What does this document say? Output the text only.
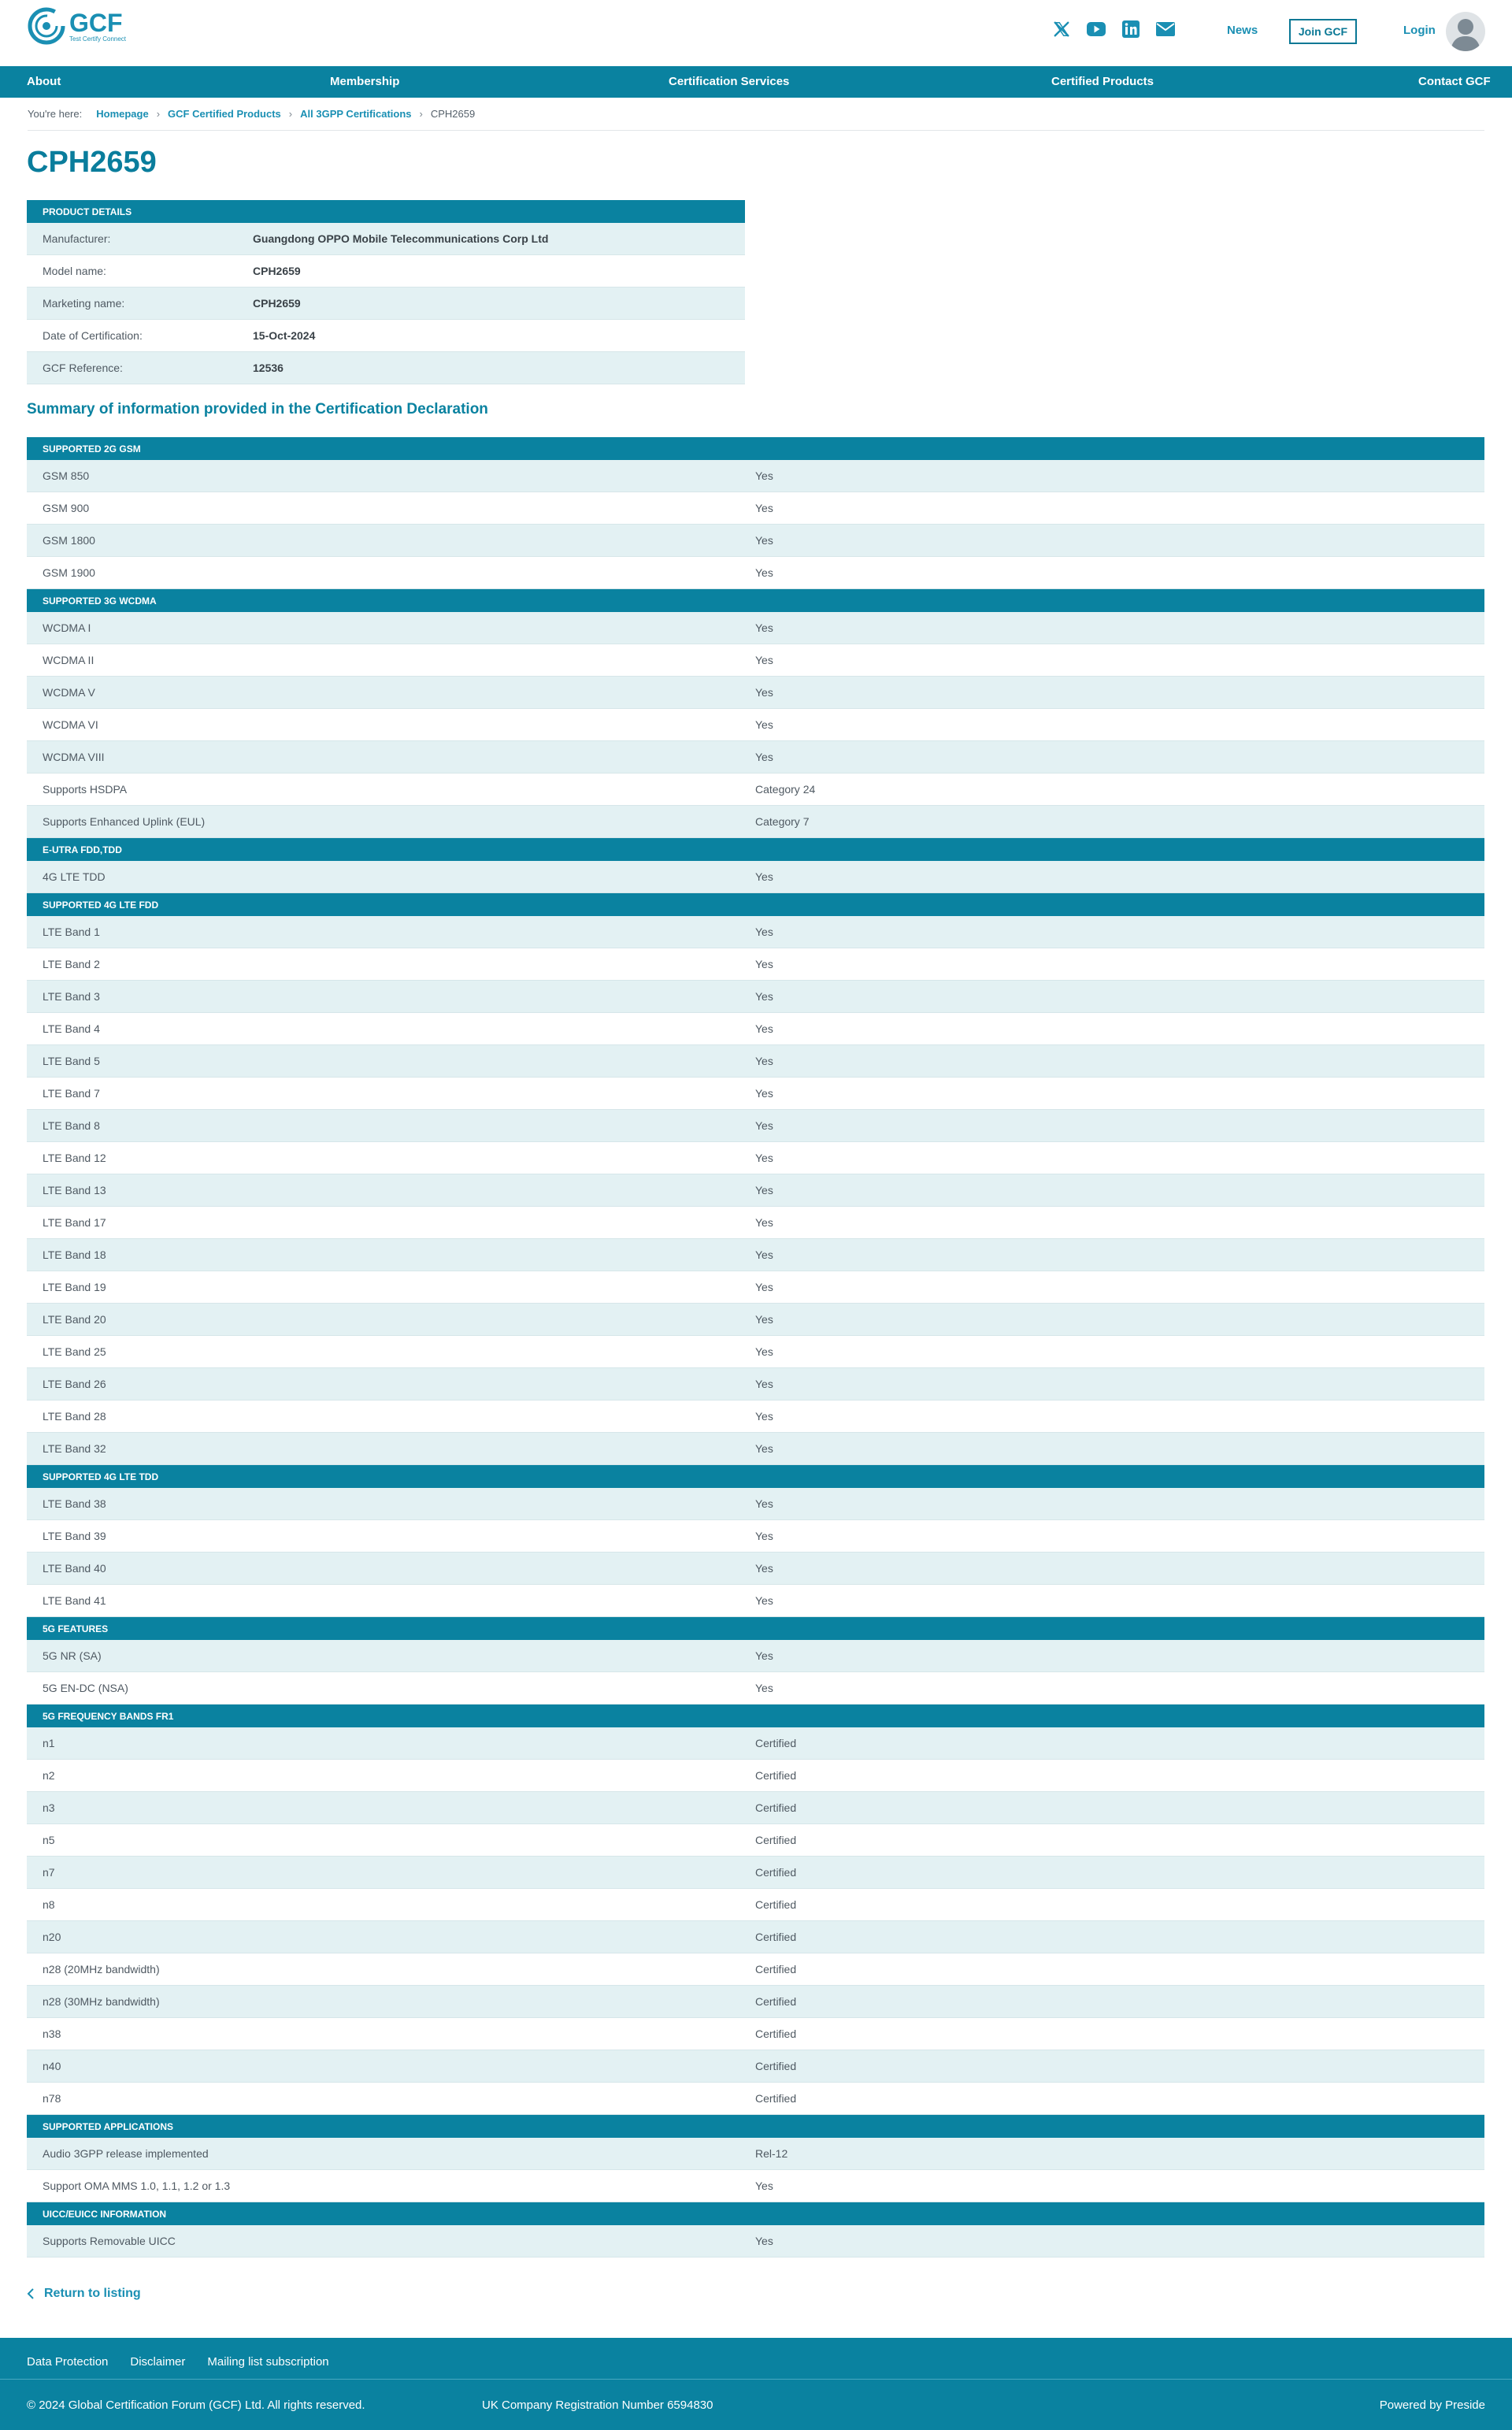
GCF
Test Certify Connect
News	Join GCF	Login
About	Membership	Certification Services	Certified Products	Contact GCF
You're here: Homepage › GCF Certified Products › All 3GPP Certifications › CPH2659
CPH2659
PRODUCT DETAILS
Manufacturer:	Guangdong OPPO Mobile Telecommunications Corp Ltd
Model name:	CPH2659
Marketing name:	CPH2659
Date of Certification:	15-Oct-2024
GCF Reference:	12536
Summary of information provided in the Certification Declaration
SUPPORTED 2G GSM
GSM 850	Yes
GSM 900	Yes
GSM 1800	Yes
GSM 1900	Yes
SUPPORTED 3G WCDMA
WCDMA I	Yes
WCDMA II	Yes
WCDMA V	Yes
WCDMA VI	Yes
WCDMA VIII	Yes
Supports HSDPA	Category 24
Supports Enhanced Uplink (EUL)	Category 7
E-UTRA FDD,TDD
4G LTE TDD	Yes
SUPPORTED 4G LTE FDD
LTE Band 1	Yes
LTE Band 2	Yes
LTE Band 3	Yes
LTE Band 4	Yes
LTE Band 5	Yes
LTE Band 7	Yes
LTE Band 8	Yes
LTE Band 12	Yes
LTE Band 13	Yes
LTE Band 17	Yes
LTE Band 18	Yes
LTE Band 19	Yes
LTE Band 20	Yes
LTE Band 25	Yes
LTE Band 26	Yes
LTE Band 28	Yes
LTE Band 32	Yes
SUPPORTED 4G LTE TDD
LTE Band 38	Yes
LTE Band 39	Yes
LTE Band 40	Yes
LTE Band 41	Yes
5G FEATURES
5G NR (SA)	Yes
5G EN-DC (NSA)	Yes
5G FREQUENCY BANDS FR1
n1	Certified
n2	Certified
n3	Certified
n5	Certified
n7	Certified
n8	Certified
n20	Certified
n28 (20MHz bandwidth)	Certified
n28 (30MHz bandwidth)	Certified
n38	Certified
n40	Certified
n78	Certified
SUPPORTED APPLICATIONS
Audio 3GPP release implemented	Rel-12
Support OMA MMS 1.0, 1.1, 1.2 or 1.3	Yes
UICC/EUICC INFORMATION
Supports Removable UICC	Yes
Return to listing
Data Protection Disclaimer Mailing list subscription
© 2024 Global Certification Forum (GCF) Ltd. All rights reserved.	UK Company Registration Number 6594830	Powered by Preside
